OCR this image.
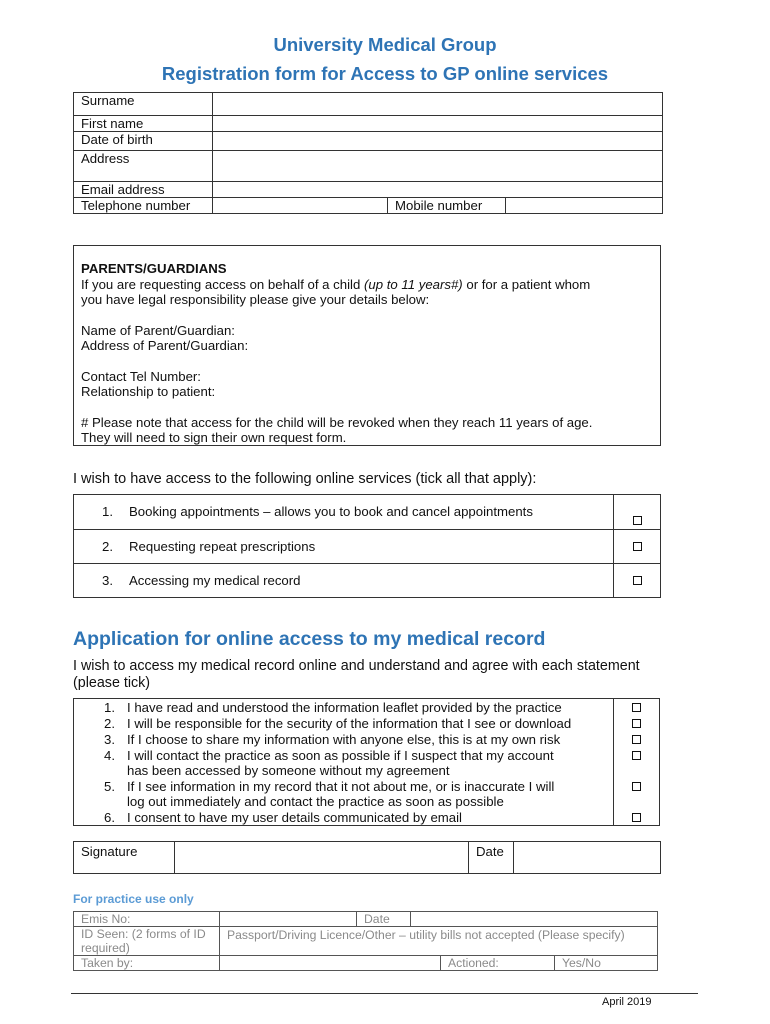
University Medical Group
Registration form for Access to GP online services
Surname			
First name			
Date of birth			
Address			
Email address			
Telephone number		Mobile number	
PARENTS/GUARDIANS
If you are requesting access on behalf of a child (up to 11 years#) or for a patient whom
you have legal responsibility please give your details below:
Name of Parent/Guardian:
Address of Parent/Guardian:
Contact Tel Number:
Relationship to patient:
# Please note that access for the child will be revoked when they reach 11 years of age.
They will need to sign their own request form.
I wish to have access to the following online services (tick all that apply):
1. Booking appointments – allows you to book and cancel appointments	
2. Requesting repeat prescriptions	
3. Accessing my medical record	
Application for online access to my medical record
I wish to access my medical record online and understand and agree with each statement
(please tick)
1. I have read and understood the information leaflet provided by the practice
2. I will be responsible for the security of the information that I see or download
3. If I choose to share my information with anyone else, this is at my own risk
4. I will contact the practice as soon as possible if I suspect that my account
has been accessed by someone without my agreement
5. If I see information in my record that it not about me, or is inaccurate I will
log out immediately and contact the practice as soon as possible
6. I consent to have my user details communicated by email
Signature		Date	
For practice use only
Emis No:		Date			
ID Seen: (2 forms of ID required)	Passport/Driving Licence/Other – utility bills not accepted (Please specify)				
Taken by:				Actioned:	Yes/No
April 2019
